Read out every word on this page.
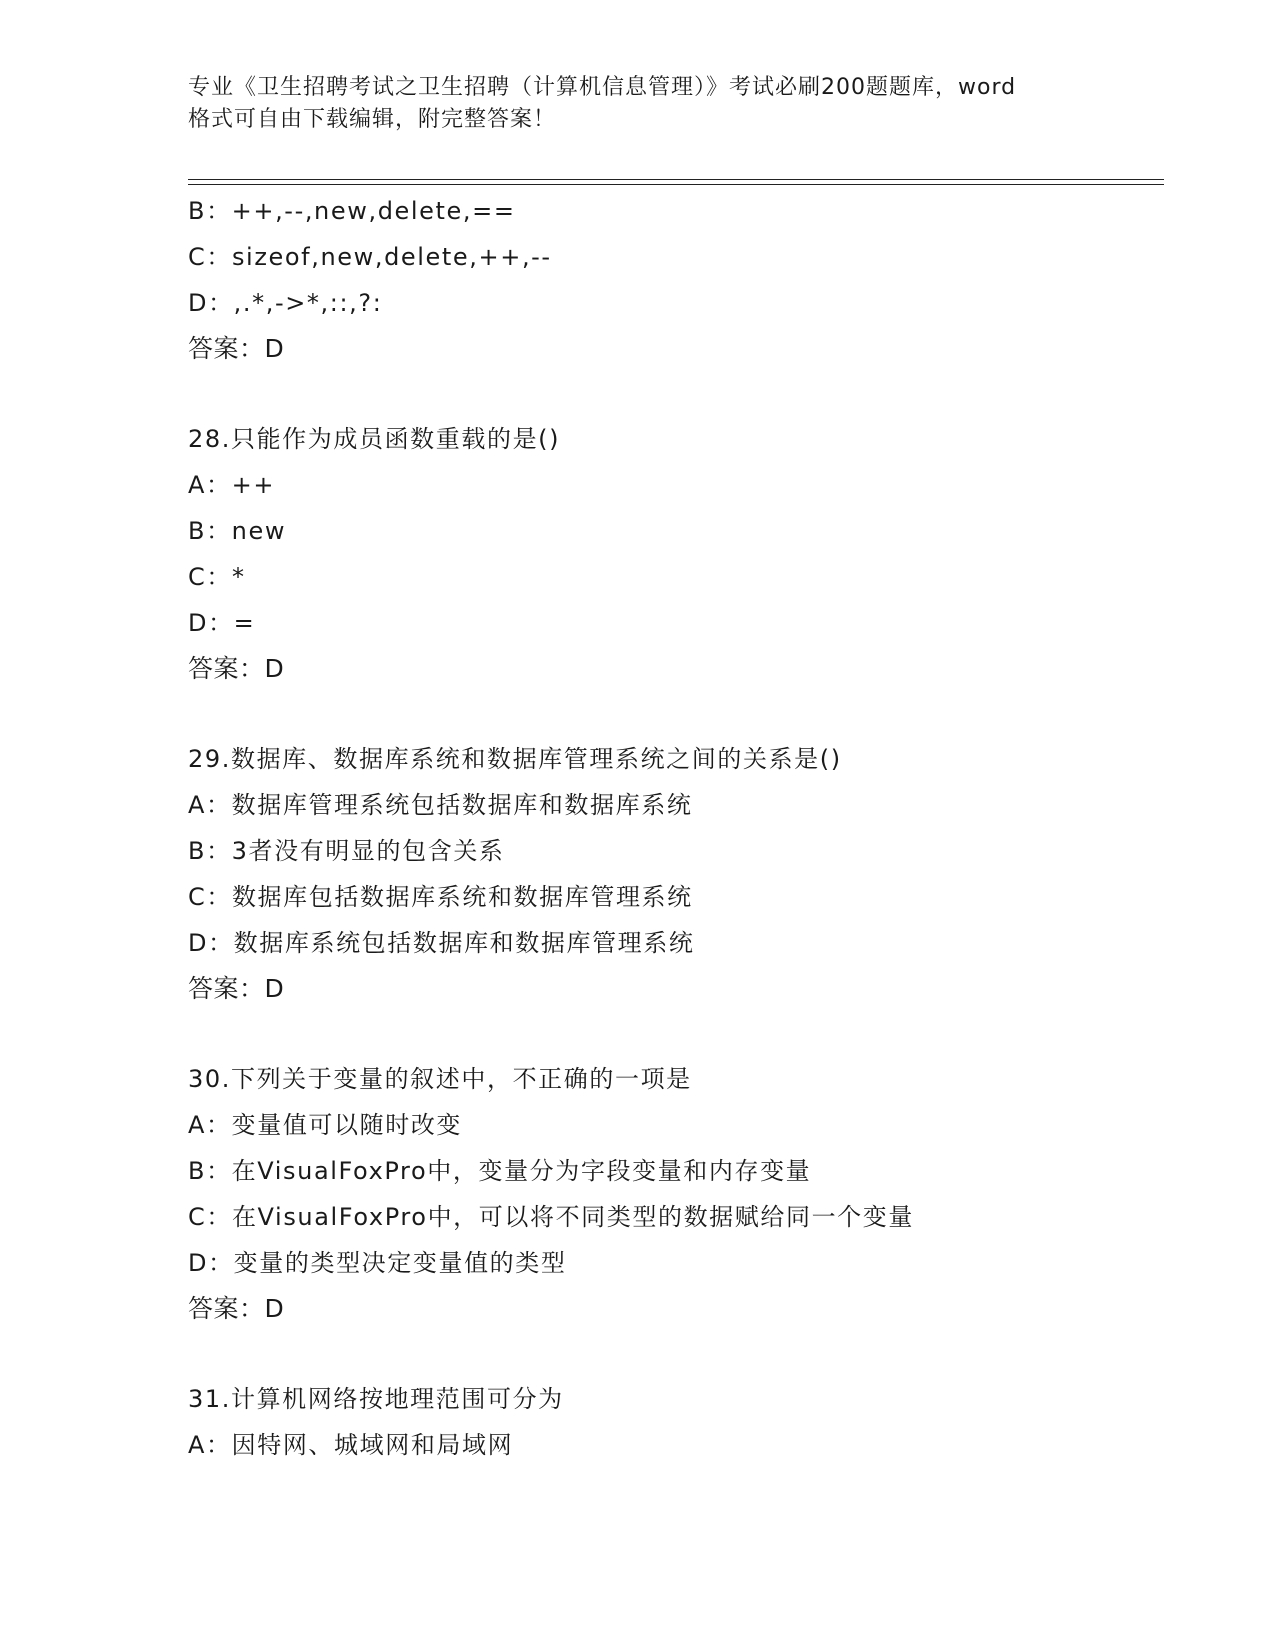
专业《卫生招聘考试之卫生招聘（计算机信息管理）》考试必刷200题题库，word
格式可自由下载编辑，附完整答案！
B：++,--,new,delete,==
C：sizeof,new,delete,++,--
D：,.*,->*,::,?:
答案：D
28.只能作为成员函数重载的是()
A：++
B：new
C：*
D：=
答案：D
29.数据库、数据库系统和数据库管理系统之间的关系是()
A：数据库管理系统包括数据库和数据库系统
B：3者没有明显的包含关系
C：数据库包括数据库系统和数据库管理系统
D：数据库系统包括数据库和数据库管理系统
答案：D
30.下列关于变量的叙述中，不正确的一项是
A：变量值可以随时改变
B：在VisualFoxPro中，变量分为字段变量和内存变量
C：在VisualFoxPro中，可以将不同类型的数据赋给同一个变量
D：变量的类型决定变量值的类型
答案：D
31.计算机网络按地理范围可分为
A：因特网、城域网和局域网
